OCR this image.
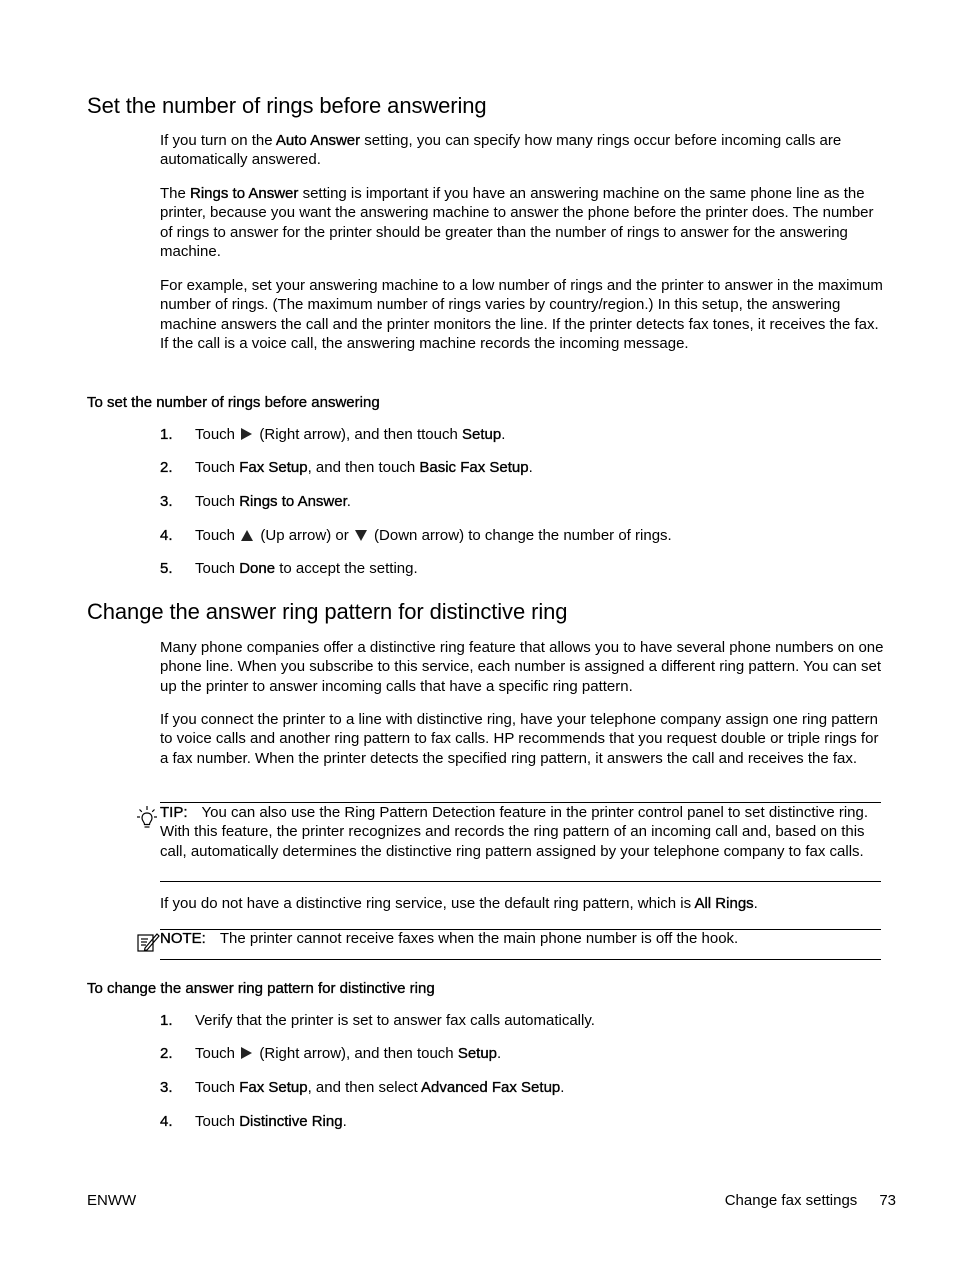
Set the number of rings before answering

If you turn on the Auto Answer setting, you can specify how many rings occur before incoming calls are automatically answered.

The Rings to Answer setting is important if you have an answering machine on the same phone line as the printer, because you want the answering machine to answer the phone before the printer does. The number of rings to answer for the printer should be greater than the number of rings to answer for the answering machine.

For example, set your answering machine to a low number of rings and the printer to answer in the maximum number of rings. (The maximum number of rings varies by country/region.) In this setup, the answering machine answers the call and the printer monitors the line. If the printer detects fax tones, it receives the fax. If the call is a voice call, the answering machine records the incoming message.

To set the number of rings before answering
1. Touch  (Right arrow), and then ttouch Setup.
2. Touch Fax Setup, and then touch Basic Fax Setup.
3. Touch Rings to Answer.
4. Touch  (Up arrow) or  (Down arrow) to change the number of rings.
5. Touch Done to accept the setting.
Change the answer ring pattern for distinctive ring

Many phone companies offer a distinctive ring feature that allows you to have several phone numbers on one phone line. When you subscribe to this service, each number is assigned a different ring pattern. You can set up the printer to answer incoming calls that have a specific ring pattern.

If you connect the printer to a line with distinctive ring, have your telephone company assign one ring pattern to voice calls and another ring pattern to fax calls. HP recommends that you request double or triple rings for a fax number. When the printer detects the specified ring pattern, it answers the call and receives the fax.

TIP: You can also use the Ring Pattern Detection feature in the printer control panel to set distinctive ring. With this feature, the printer recognizes and records the ring pattern of an incoming call and, based on this call, automatically determines the distinctive ring pattern assigned by your telephone company to fax calls.

If you do not have a distinctive ring service, use the default ring pattern, which is All Rings.

NOTE: The printer cannot receive faxes when the main phone number is off the hook.
To change the answer ring pattern for distinctive ring
1. Verify that the printer is set to answer fax calls automatically.
2. Touch  (Right arrow), and then touch Setup.
3. Touch Fax Setup, and then select Advanced Fax Setup.
4. Touch Distinctive Ring.
ENWW	Change fax settings 73
